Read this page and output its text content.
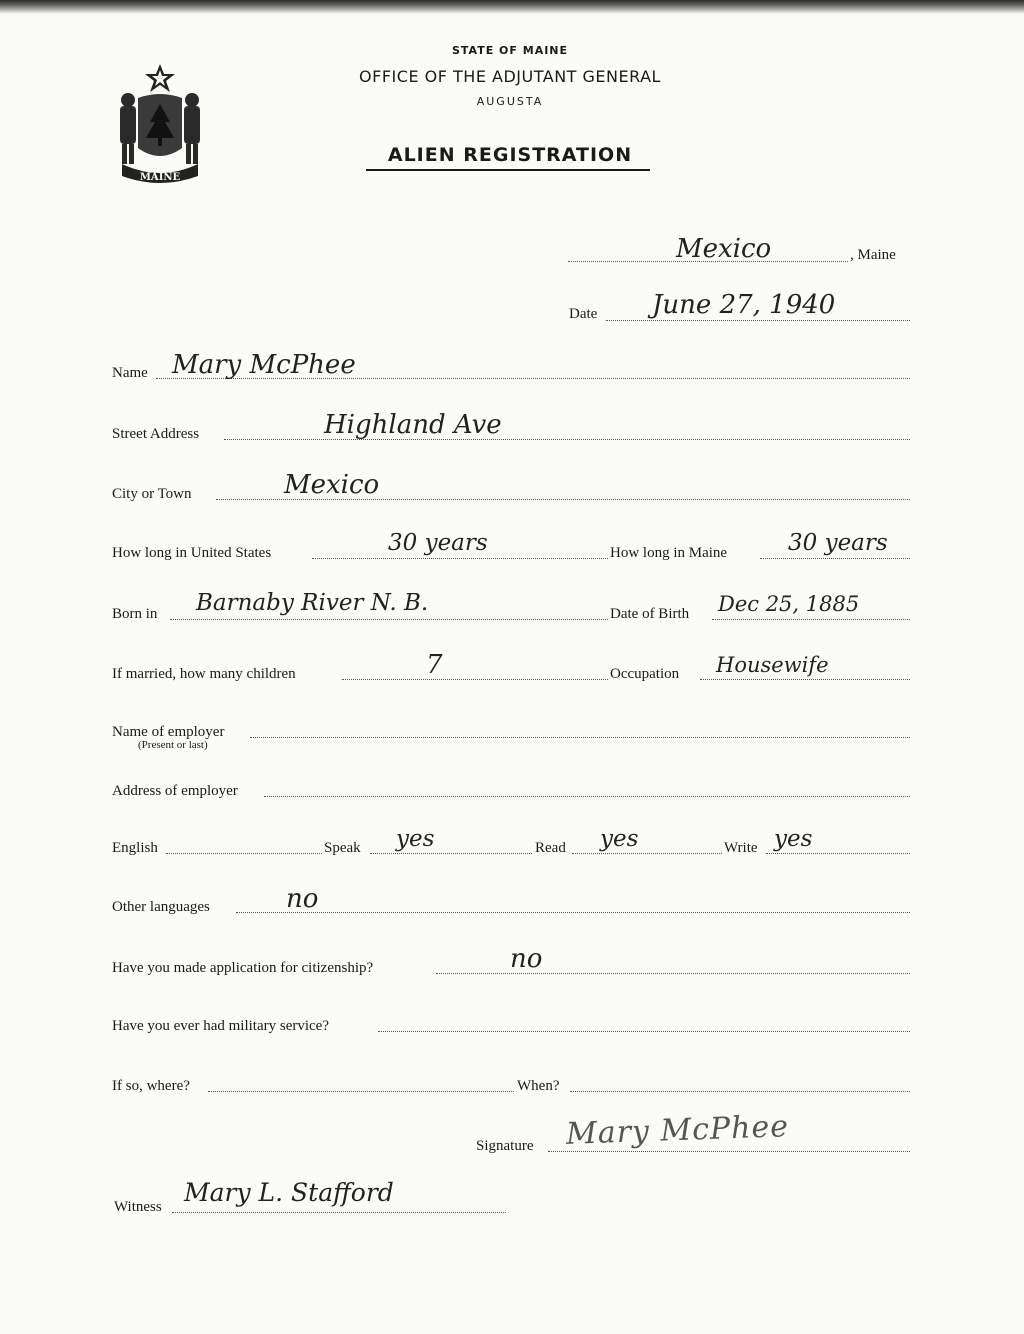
MAINE
STATE OF MAINE
OFFICE OF THE ADJUTANT GENERAL
AUGUSTA
ALIEN REGISTRATION
Mexico	, Maine
Date June 27, 1940
Name Mary McPhee
Street Address	Highland Ave
City or Town	Mexico
How long in United States	30 years	How long in Maine	30 years
Born in Barnaby River N. B.	Date of Birth Dec 25, 1885
If married, how many children	7	Occupation Housewife
Name of employer
(Present or last)
Address of employer
English	Speak yes	Read yes	Write yes
Other languages	no
Have you made application for citizenship?	no
Have you ever had military service?
If so, where?	When?
Signature Mary McPhee
Witness Mary L. Stafford
